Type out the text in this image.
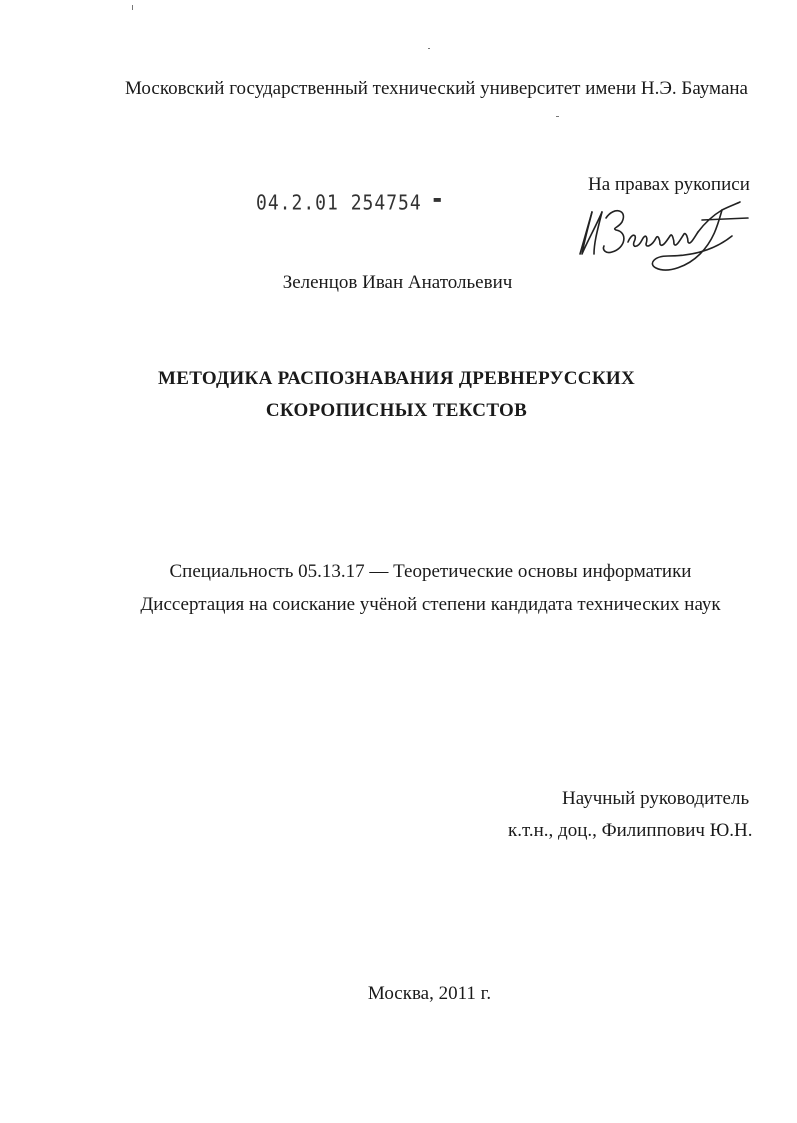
Московский государственный технический университет имени Н.Э. Баумана
04.2.01 254754 ▬
На правах рукописи
Зеленцов Иван Анатольевич
МЕТОДИКА РАСПОЗНАВАНИЯ ДРЕВНЕРУССКИХ
СКОРОПИСНЫХ ТЕКСТОВ
Специальность 05.13.17 — Теоретические основы информатики
Диссертация на соискание учёной степени кандидата технических наук
Научный руководитель
к.т.н., доц., Филиппович Ю.Н.
Москва, 2011 г.
